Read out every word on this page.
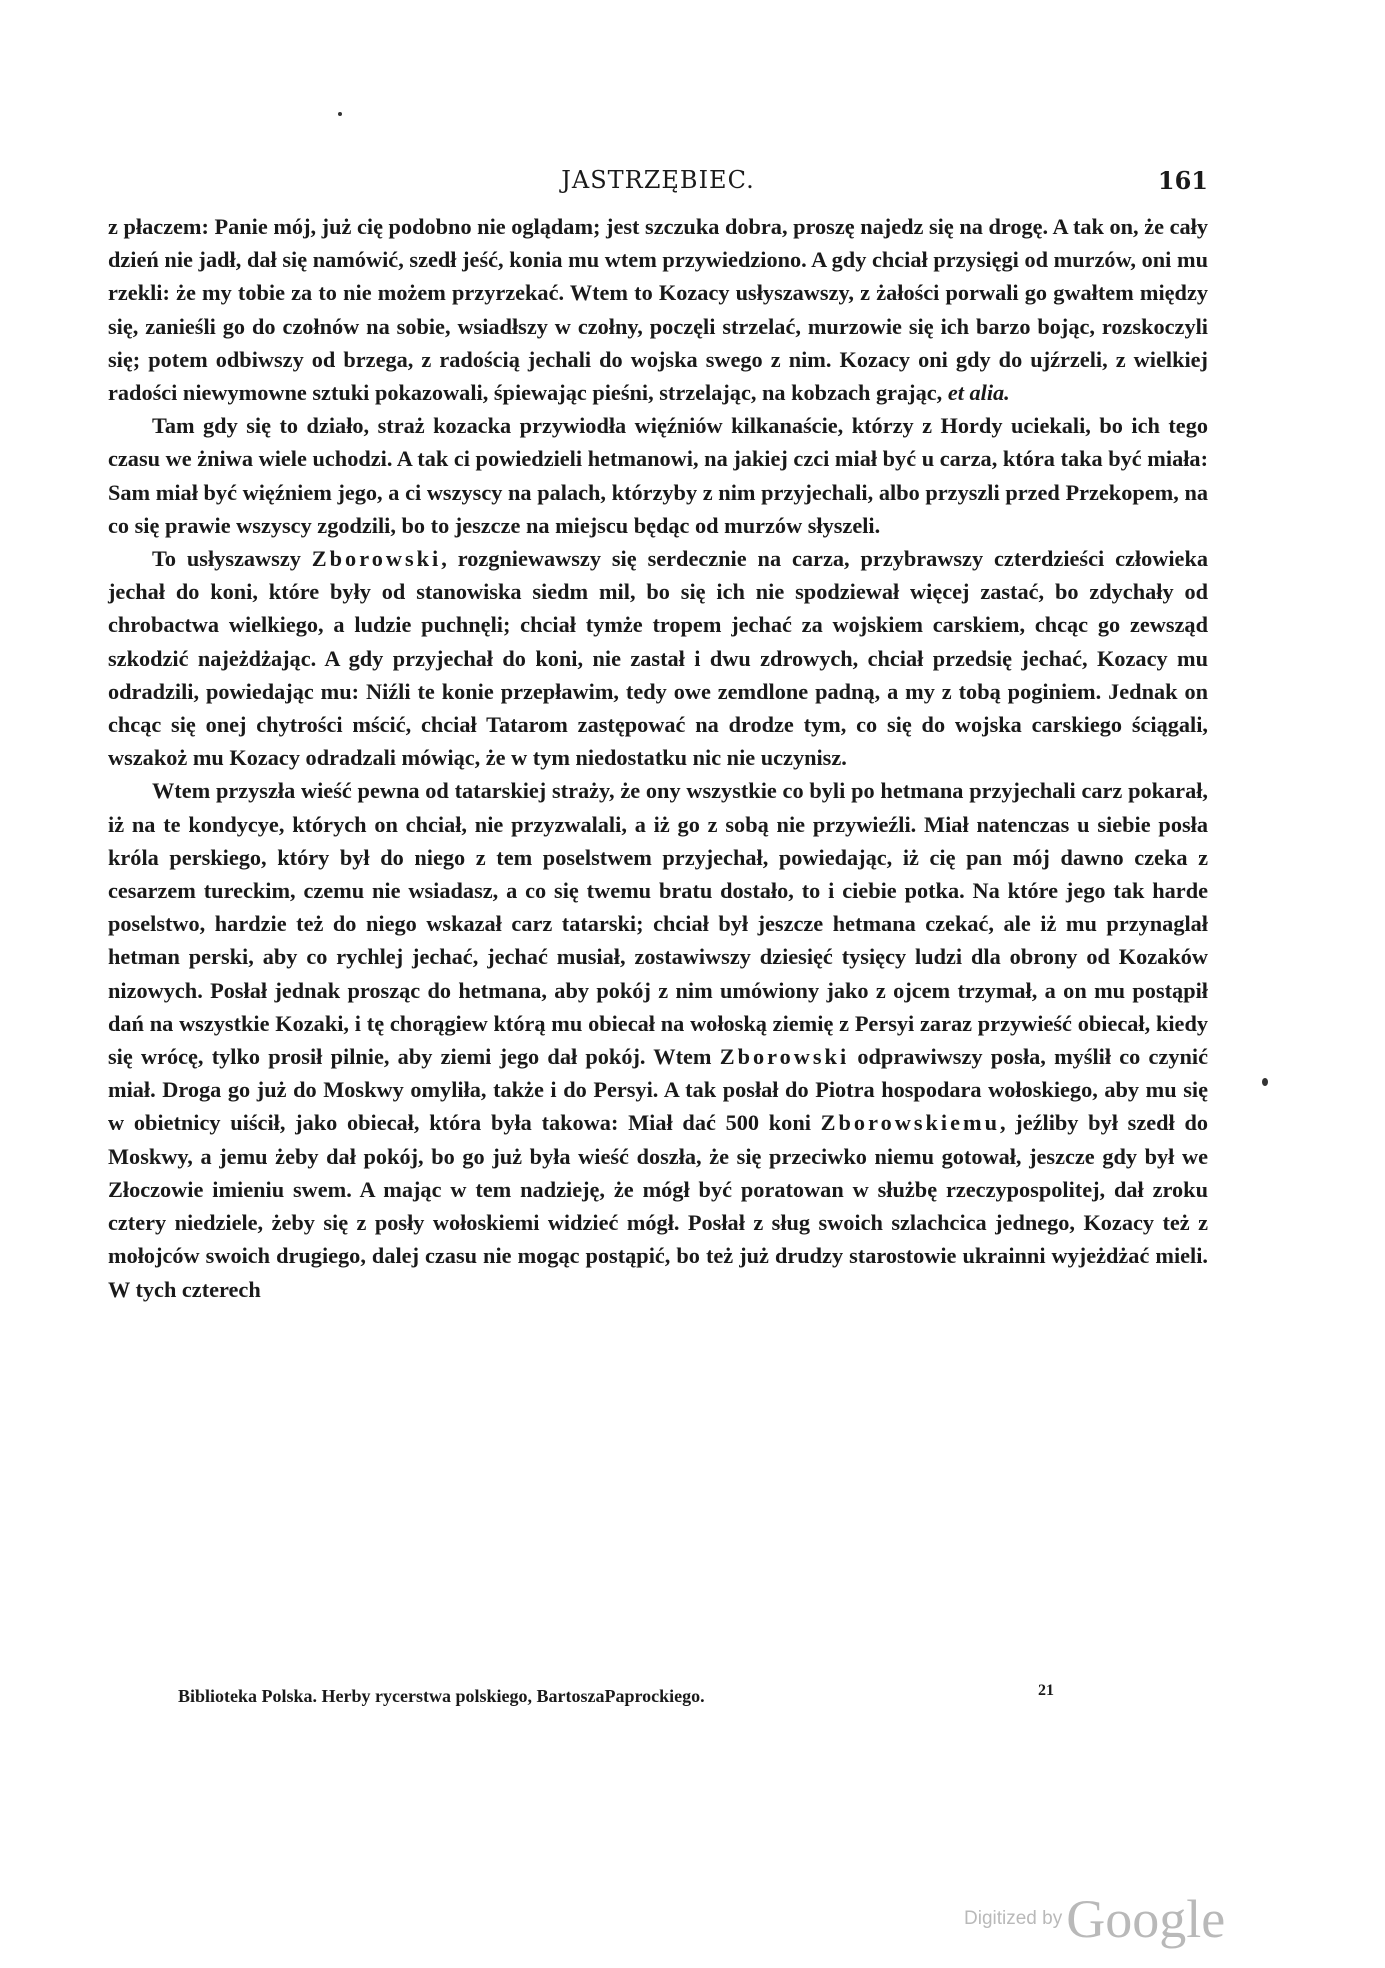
JASTRZĘBIEC.	161

z płaczem: Panie mój, już cię podobno nie oglądam; jest szczuka dobra, proszę najedz się na drogę. A tak on, że cały dzień nie jadł, dał się namówić, szedł jeść, konia mu wtem przywiedziono. A gdy chciał przysięgi od murzów, oni mu rzekli: że my tobie za to nie możem przyrzekać. Wtem to Kozacy usłyszawszy, z żałości porwali go gwałtem między się, zanieśli go do czołnów na sobie, wsiadłszy w czołny, poczęli strzelać, murzowie się ich barzo bojąc, rozskoczyli się; potem odbiwszy od brzega, z radością jechali do wojska swego z nim. Kozacy oni gdy do ujźrzeli, z wielkiej radości niewymowne sztuki pokazowali, śpiewając pieśni, strzelając, na kobzach grając, et alia.

Tam gdy się to działo, straż kozacka przywiodła więźniów kilkanaście, którzy z Hordy uciekali, bo ich tego czasu we żniwa wiele uchodzi. A tak ci powiedzieli hetmanowi, na jakiej czci miał być u carza, która taka być miała: Sam miał być więźniem jego, a ci wszyscy na palach, którzyby z nim przyjechali, albo przyszli przed Przekopem, na co się prawie wszyscy zgodzili, bo to jeszcze na miejscu będąc od murzów słyszeli.

To usłyszawszy Zborowski, rozgniewawszy się serdecznie na carza, przybrawszy czterdzieści człowieka jechał do koni, które były od stanowiska siedm mil, bo się ich nie spodziewał więcej zastać, bo zdychały od chrobactwa wielkiego, a ludzie puchnęli; chciał tymże tropem jechać za wojskiem carskiem, chcąc go zewsząd szkodzić najeżdżając. A gdy przyjechał do koni, nie zastał i dwu zdrowych, chciał przedsię jechać, Kozacy mu odradzili, powiedając mu: Niźli te konie przepławim, tedy owe zemdlone padną, a my z tobą poginiem. Jednak on chcąc się onej chytrości mścić, chciał Tatarom zastępować na drodze tym, co się do wojska carskiego ściągali, wszakoż mu Kozacy odradzali mówiąc, że w tym niedostatku nic nie uczynisz.

Wtem przyszła wieść pewna od tatarskiej straży, że ony wszystkie co byli po hetmana przyjechali carz pokarał, iż na te kondycye, których on chciał, nie przyzwalali, a iż go z sobą nie przywieźli. Miał natenczas u siebie posła króla perskiego, który był do niego z tem poselstwem przyjechał, powiedając, iż cię pan mój dawno czeka z cesarzem tureckim, czemu nie wsiadasz, a co się twemu bratu dostało, to i ciebie potka. Na które jego tak harde poselstwo, hardzie też do niego wskazał carz tatarski; chciał był jeszcze hetmana czekać, ale iż mu przynaglał hetman perski, aby co rychlej jechać, jechać musiał, zostawiwszy dziesięć tysięcy ludzi dla obrony od Kozaków nizowych. Posłał jednak prosząc do hetmana, aby pokój z nim umówiony jako z ojcem trzymał, a on mu postąpił dań na wszystkie Kozaki, i tę chorągiew którą mu obiecał na wołoską ziemię z Persyi zaraz przywieść obiecał, kiedy się wrócę, tylko prosił pilnie, aby ziemi jego dał pokój. Wtem Zborowski odprawiwszy posła, myślił co czynić miał. Droga go już do Moskwy omyliła, także i do Persyi. A tak posłał do Piotra hospodara wołoskiego, aby mu się w obietnicy uiścił, jako obiecał, która była takowa: Miał dać 500 koni Zborowskiemu, jeźliby był szedł do Moskwy, a jemu żeby dał pokój, bo go już była wieść doszła, że się przeciwko niemu gotował, jeszcze gdy był we Złoczowie imieniu swem. A mając w tem nadzieję, że mógł być poratowan w służbę rzeczypospolitej, dał zroku cztery niedziele, żeby się z posły wołoskiemi widzieć mógł. Posłał z sług swoich szlachcica jednego, Kozacy też z mołojców swoich drugiego, dalej czasu nie mogąc postąpić, bo też już drudzy starostowie ukrainni wyjeżdżać mieli. W tych czterech

Biblioteka Polska. Herby rycerstwa polskiego, BartoszaPaprockiego.	21
Digitized byGoogle
